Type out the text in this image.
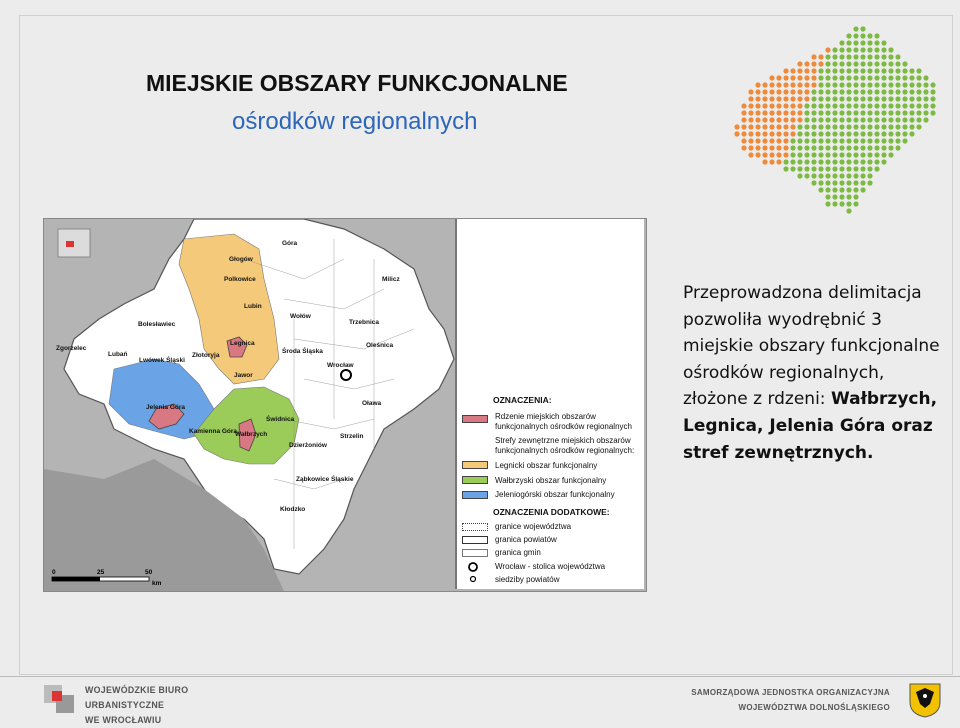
MIEJSKIE OBSZARY FUNKCJONALNE
ośrodków regionalnych
Góra
Głogów
Polkowice	Milicz
Trzebnica
Oleśnica
Wołów
Lubin
Bolesławiec
Zgorzelec
Lubań
Lwówek Śląski
Złotoryja
Legnica
Jawor
Środa Śląska
Wrocław
Oława
Strzelin
Jelenia Góra
Kamienna Góra
Wałbrzych
Świdnica
Dzierżoniów
Ząbkowice Śląskie
Kłodzko
0	25	50
km
OZNACZENIA:
Rdzenie miejskich obszarów funkcjonalnych ośrodków regionalnych
Strefy zewnętrzne miejskich obszarów funkcjonalnych ośrodków regionalnych:
Legnicki obszar funkcjonalny
Wałbrzyski obszar funkcjonalny
Jeleniogórski obszar funkcjonalny
OZNACZENIA DODATKOWE:
granice województwa
granica powiatów
granica gmin
Wrocław - stolica województwa
siedziby powiatów
Przeprowadzona delimitacja pozwoliła wyodrębnić 3 miejskie obszary funkcjonalne ośrodków regionalnych, złożone z rdzeni: Wałbrzych, Legnica, Jelenia Góra oraz stref zewnętrznych.
WOJEWÓDZKIE BIURO URBANISTYCZNE
WE WROCŁAWIU
SAMORZĄDOWA JEDNOSTKA ORGANIZACYJNA
WOJEWÓDZTWA DOLNOŚLĄSKIEGO
